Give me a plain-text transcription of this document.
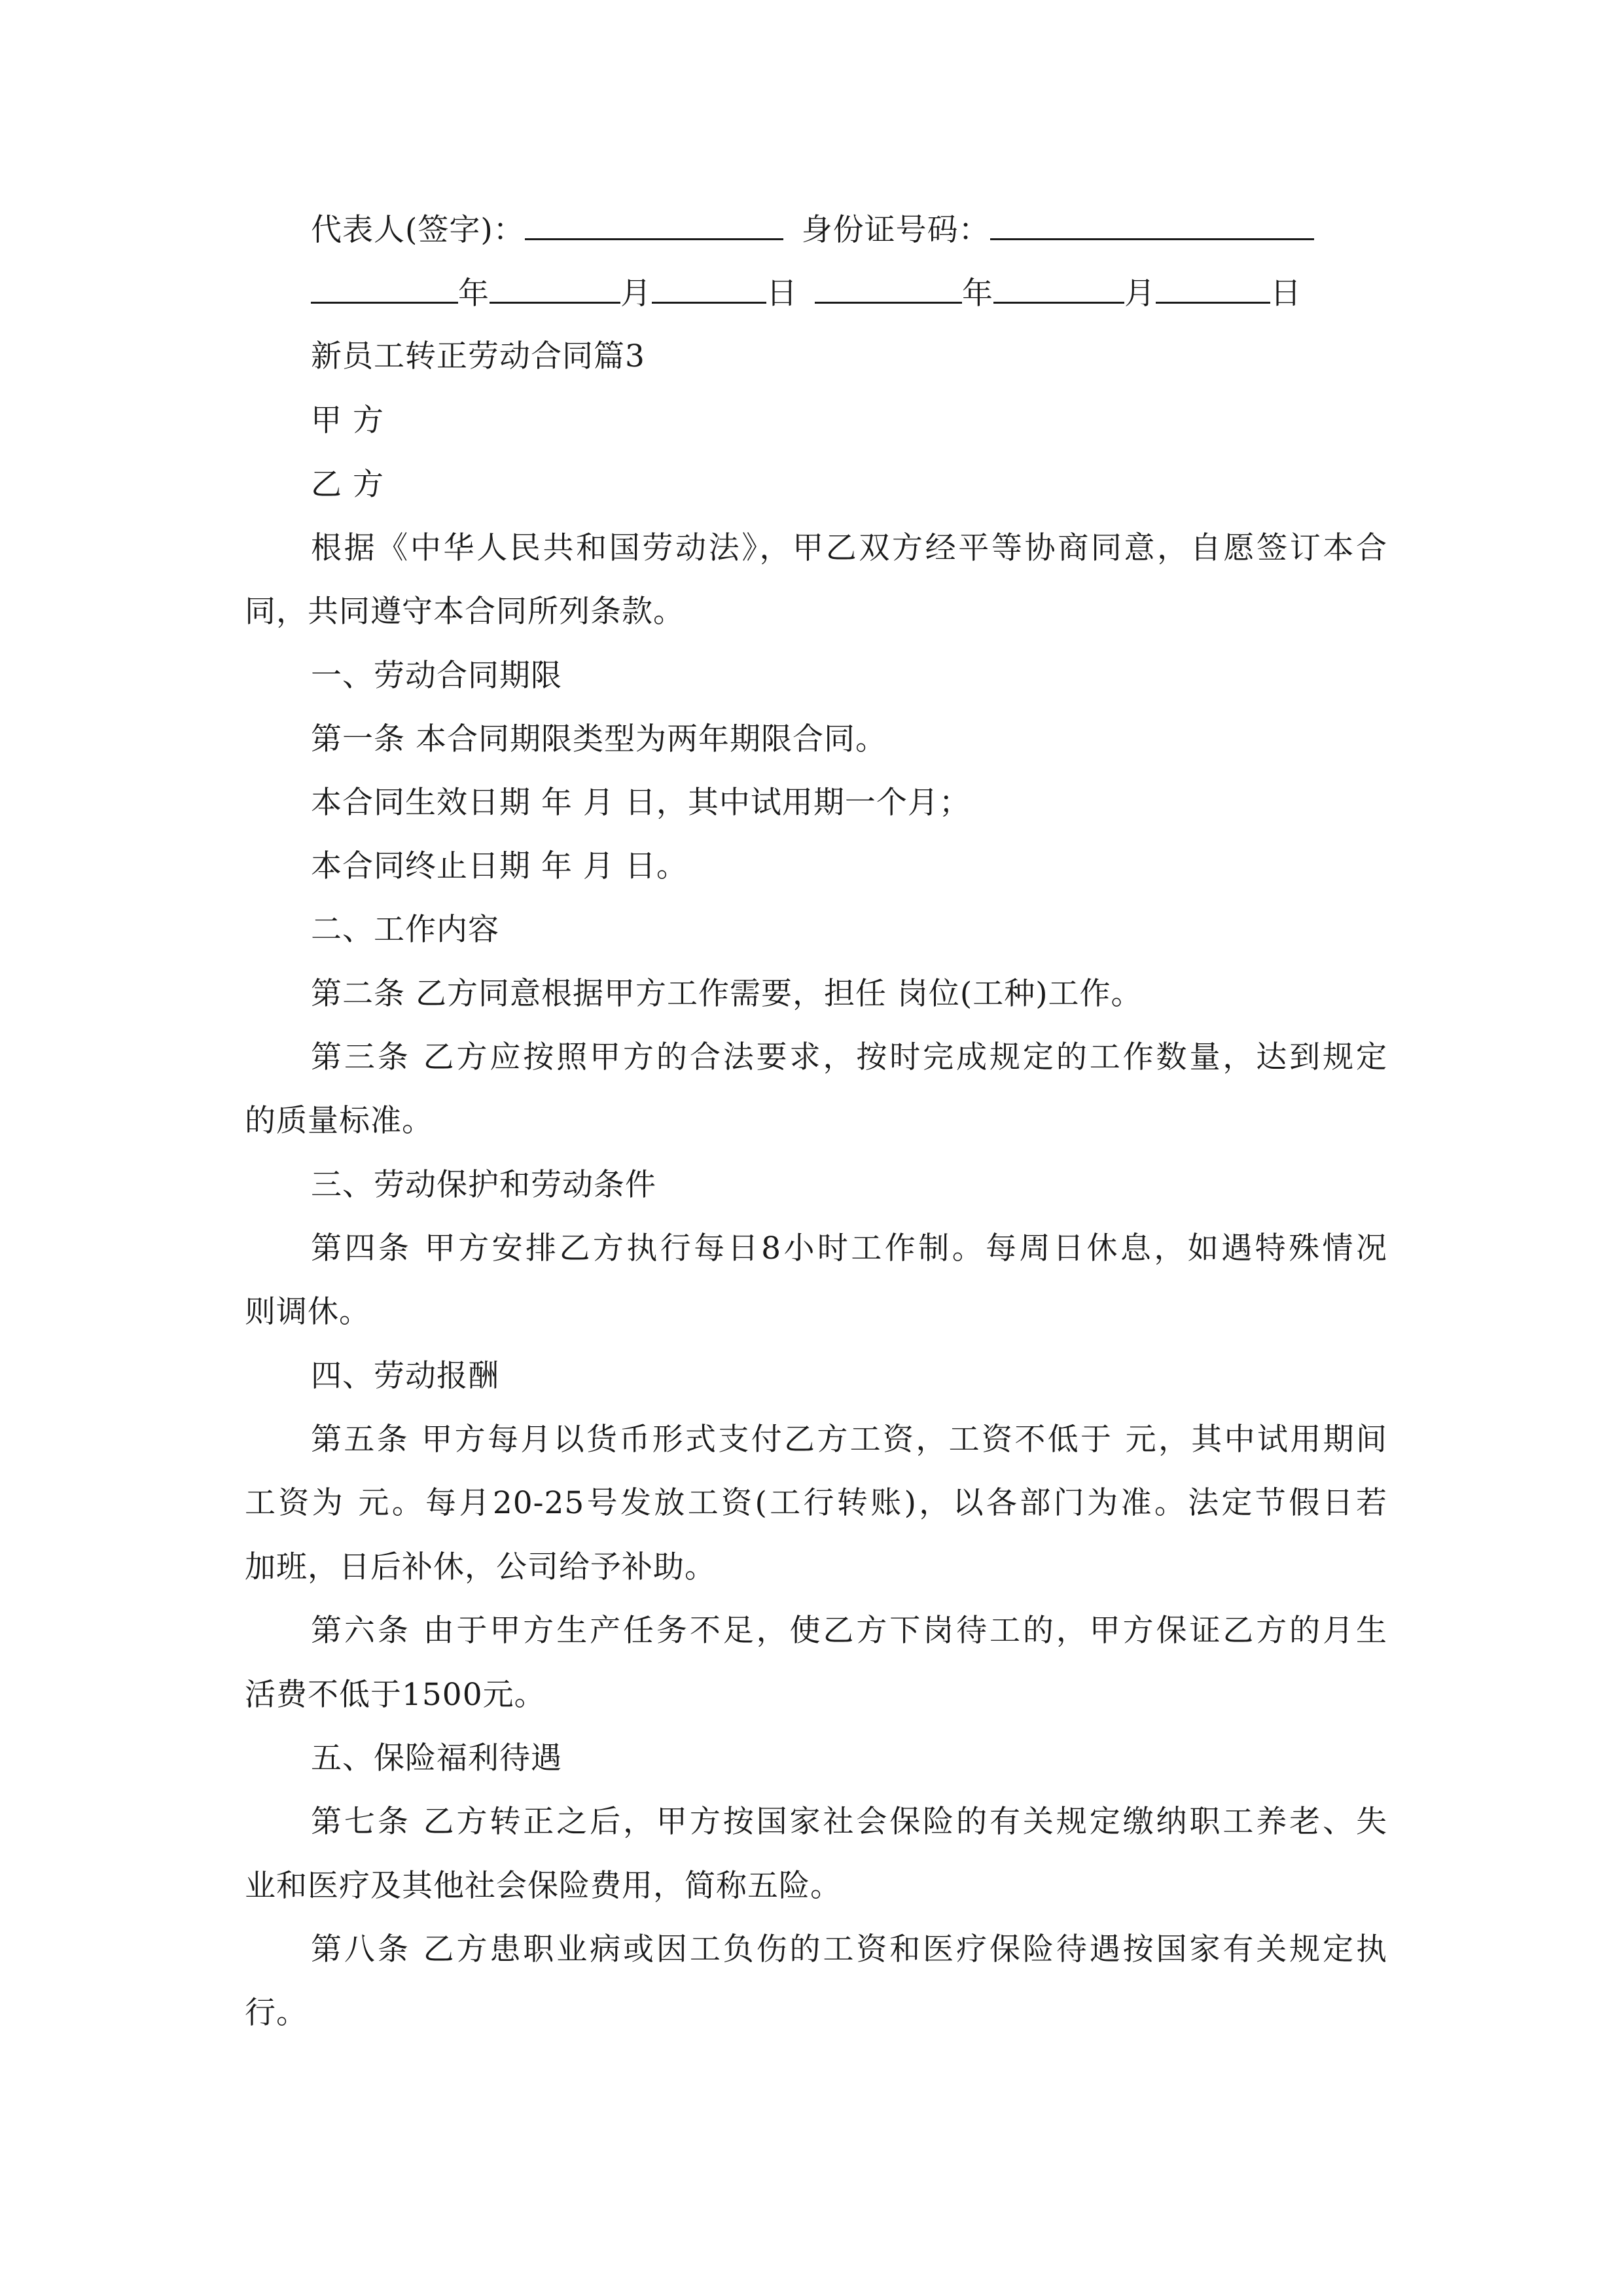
代表人(签字)：	身份证号码：
年	月	日	年	月	日
新员工转正劳动合同篇3
甲 方
乙 方
根据《中华人民共和国劳动法》，甲乙双方经平等协商同意，自愿签订本合
同，共同遵守本合同所列条款。
一、劳动合同期限
第一条 本合同期限类型为两年期限合同。
本合同生效日期 年 月 日，其中试用期一个月；
本合同终止日期 年 月 日。
二、工作内容
第二条 乙方同意根据甲方工作需要，担任 岗位(工种)工作。
第三条 乙方应按照甲方的合法要求，按时完成规定的工作数量，达到规定
的质量标准。
三、劳动保护和劳动条件
第四条 甲方安排乙方执行每日8小时工作制。每周日休息，如遇特殊情况
则调休。
四、劳动报酬
第五条 甲方每月以货币形式支付乙方工资，工资不低于 元，其中试用期间
工资为 元。每月20-25号发放工资(工行转账)，以各部门为准。法定节假日若
加班，日后补休，公司给予补助。
第六条 由于甲方生产任务不足，使乙方下岗待工的，甲方保证乙方的月生
活费不低于1500元。
五、保险福利待遇
第七条 乙方转正之后，甲方按国家社会保险的有关规定缴纳职工养老、失
业和医疗及其他社会保险费用，简称五险。
第八条 乙方患职业病或因工负伤的工资和医疗保险待遇按国家有关规定执
行。
